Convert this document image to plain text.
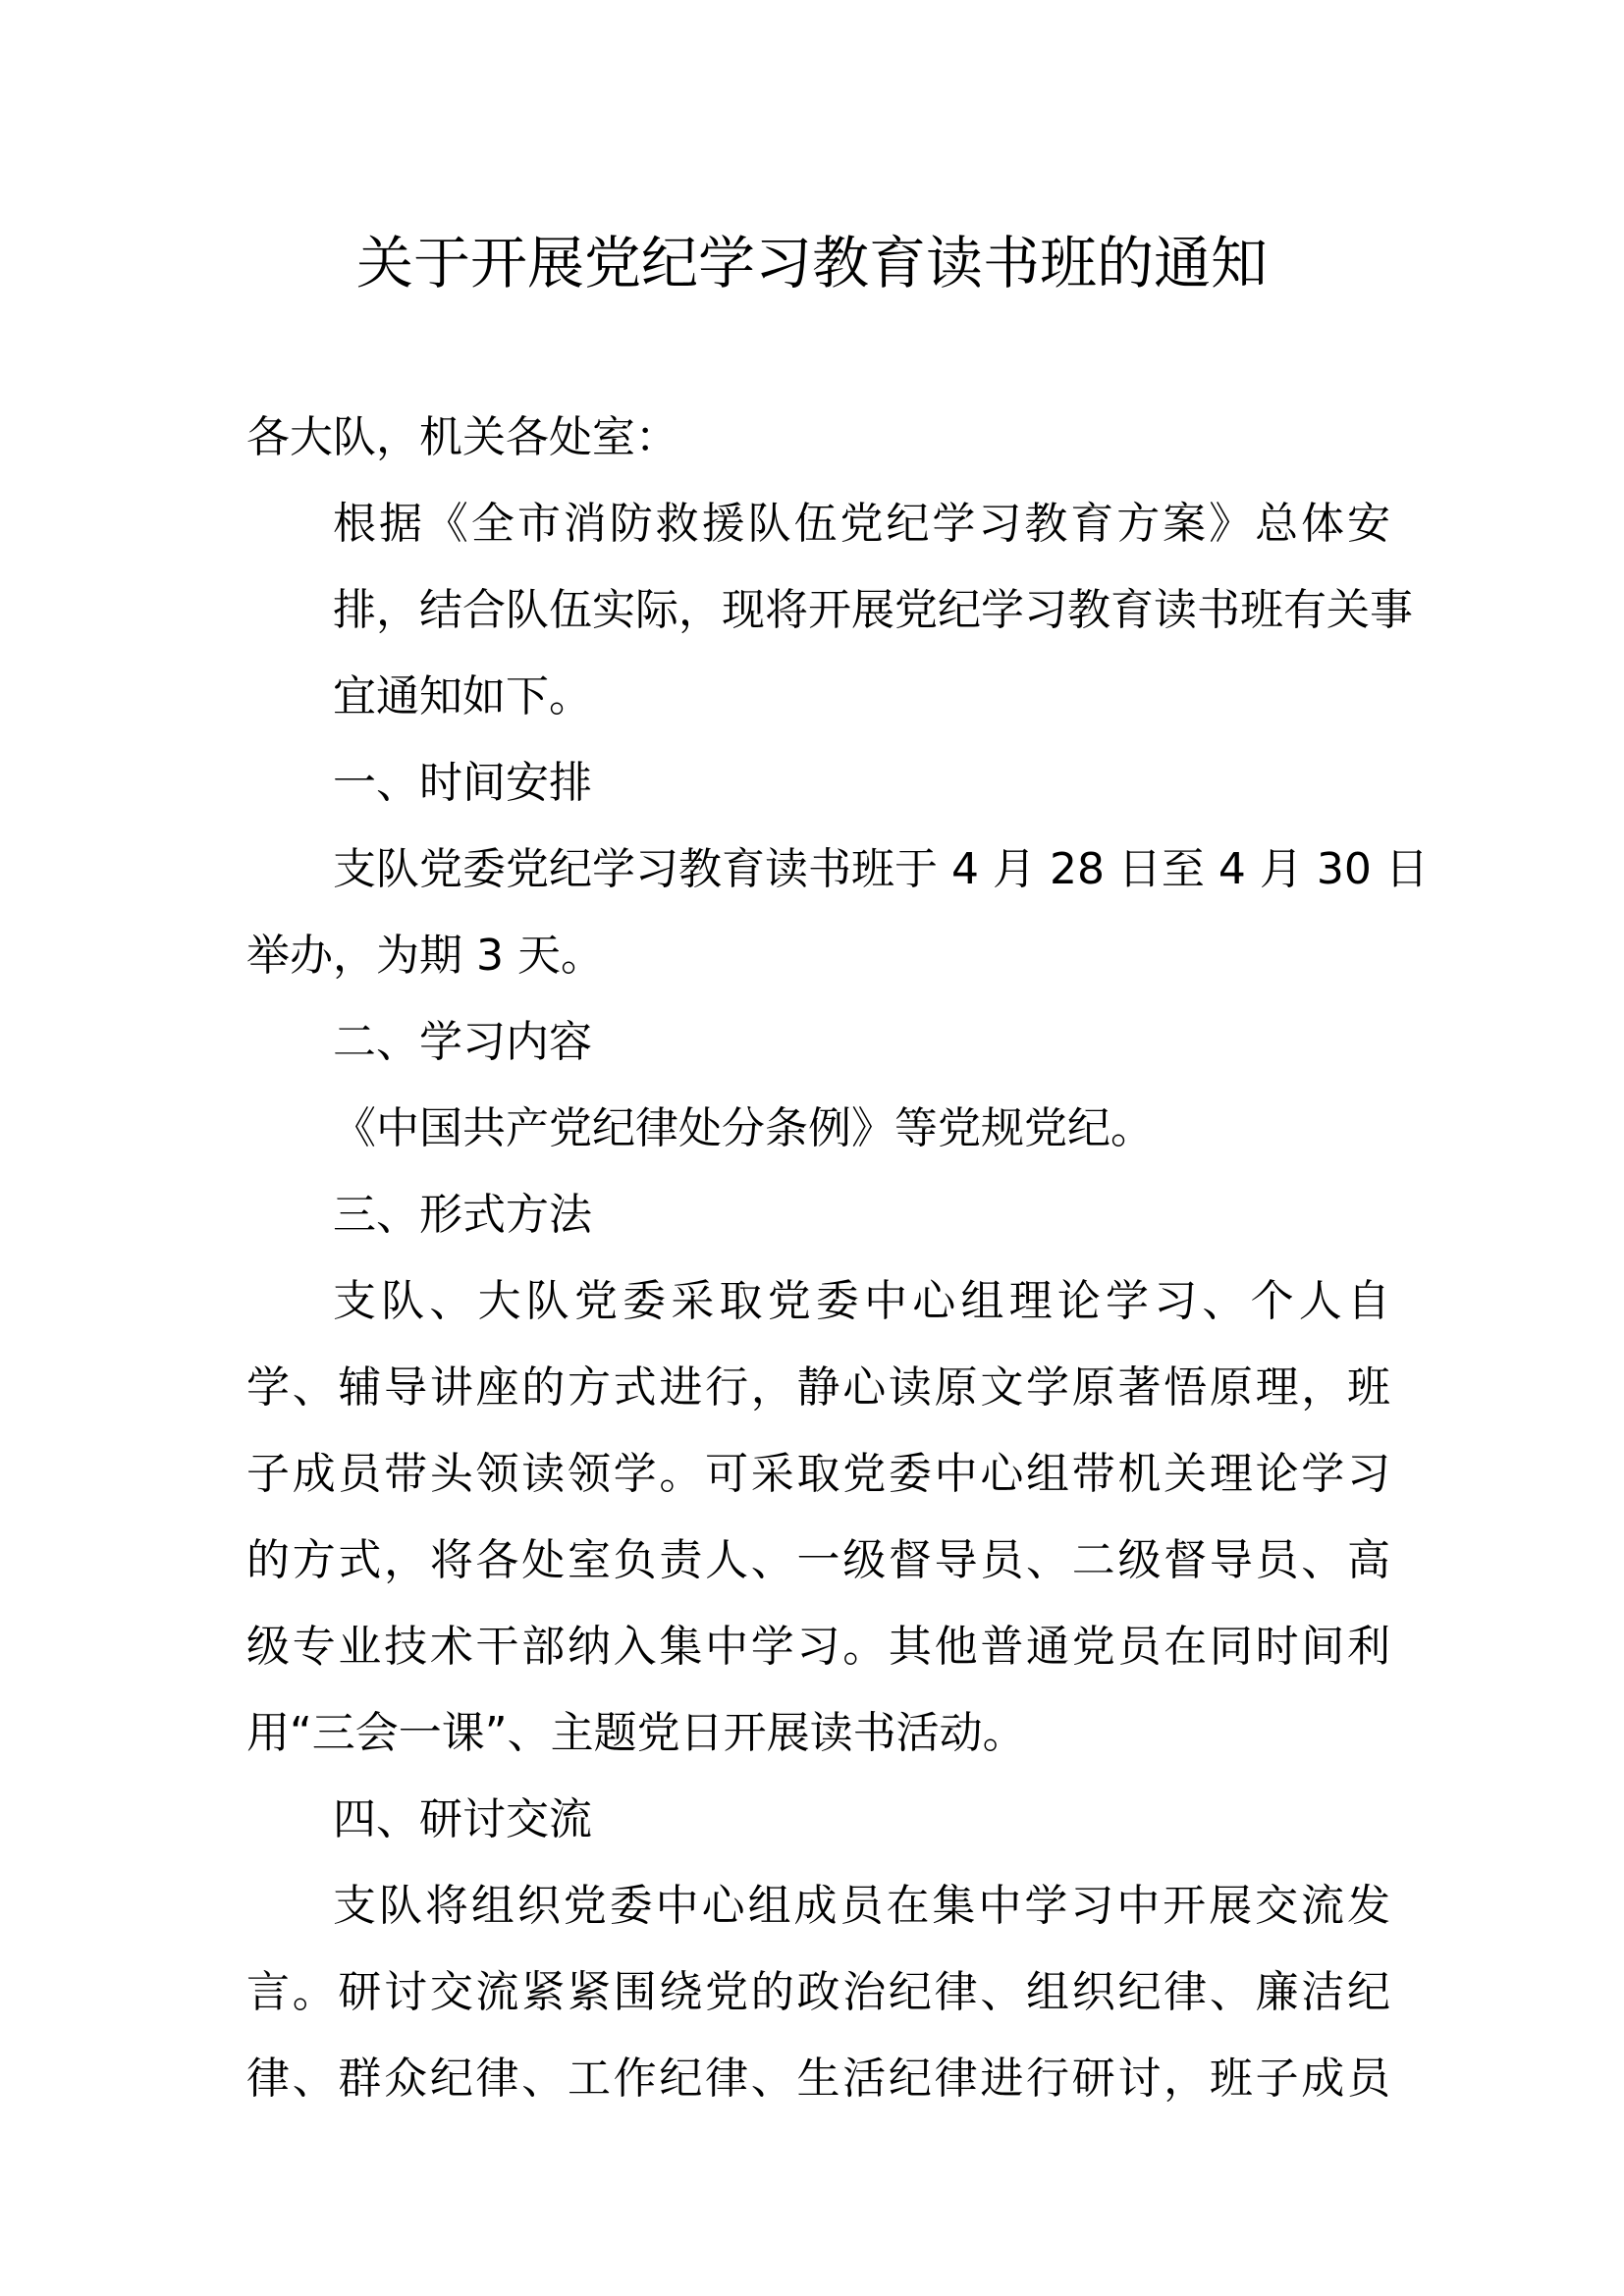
关于开展党纪学习教育读书班的通知

各大队，机关各处室：

根据《全市消防救援队伍党纪学习教育方案》总体安
排，结合队伍实际，现将开展党纪学习教育读书班有关事
宜通知如下。

一、时间安排

支队党委党纪学习教育读书班于 4 月 28 日至 4 月 30 日
举办，为期 3 天。

二、学习内容

《中国共产党纪律处分条例》等党规党纪。

三、形式方法

支队、大队党委采取党委中心组理论学习、个人自
学、辅导讲座的方式进行，静心读原文学原著悟原理，班
子成员带头领读领学。可采取党委中心组带机关理论学习
的方式，将各处室负责人、一级督导员、二级督导员、高
级专业技术干部纳入集中学习。其他普通党员在同时间利
用“三会一课”、主题党日开展读书活动。

四、研讨交流

支队将组织党委中心组成员在集中学习中开展交流发
言。研讨交流紧紧围绕党的政治纪律、组织纪律、廉洁纪
律、群众纪律、工作纪律、生活纪律进行研讨，班子成员
